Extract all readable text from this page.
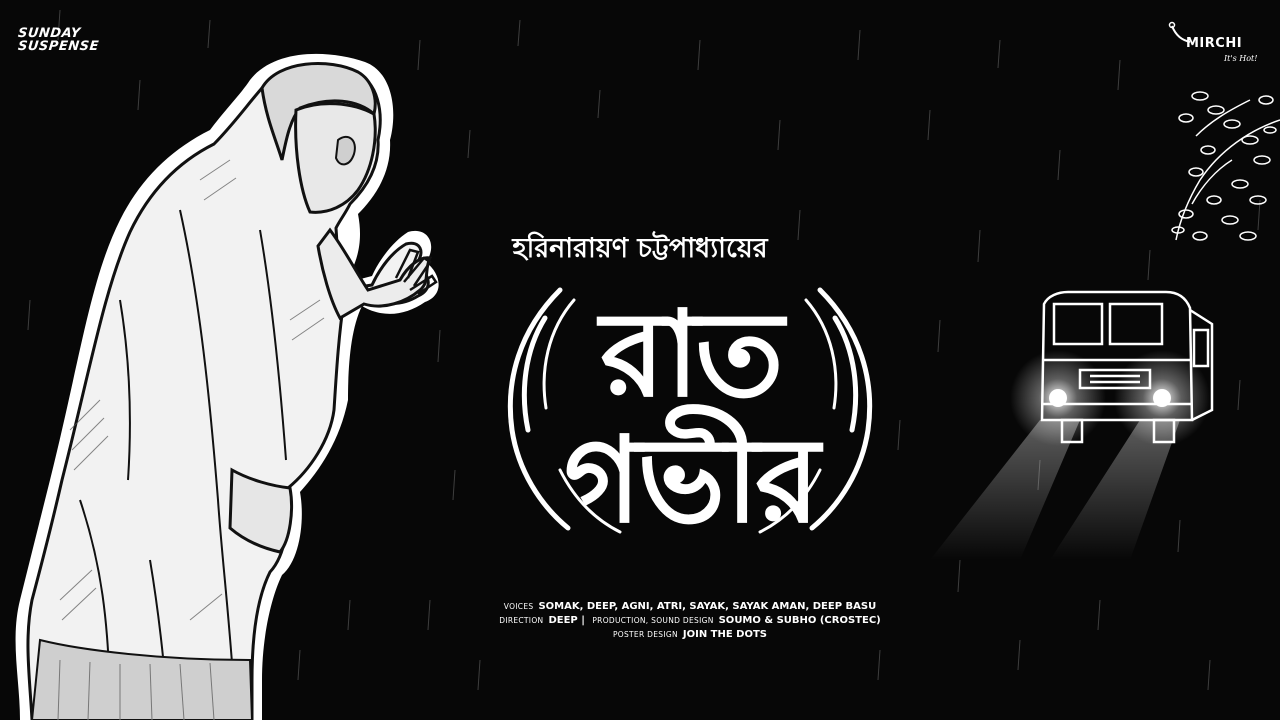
SUNDAY
SUSPENSE	MIRCHI
It's Hot!
হরিনারায়ণ চট্টপাধ্যায়ের
রাত
গভীর
VOICES SOMAK, DEEP, AGNI, ATRI, SAYAK, SAYAK AMAN, DEEP BASU
DIRECTION DEEP | PRODUCTION, SOUND DESIGN SOUMO & SUBHO (CROSTEC)
POSTER DESIGN JOIN THE DOTS
